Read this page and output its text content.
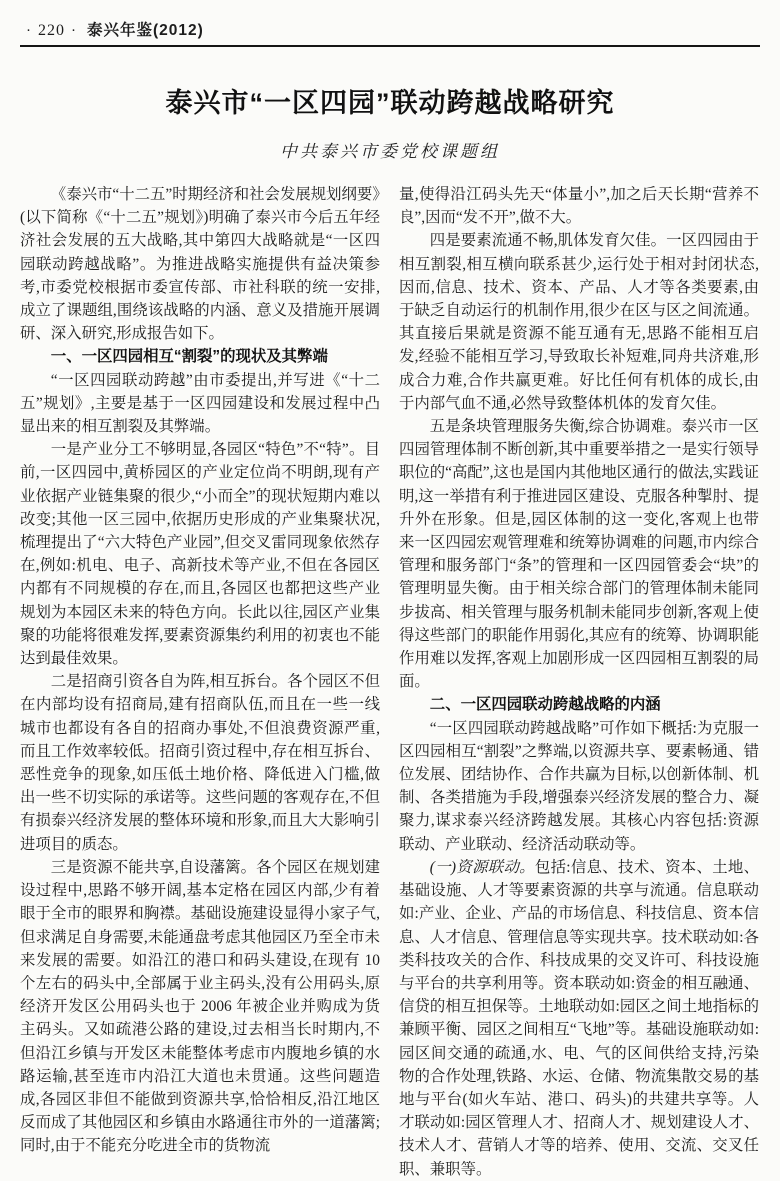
· 220 · 泰兴年鉴(2012)
泰兴市“一区四园”联动跨越战略研究
中共泰兴市委党校课题组

《泰兴市“十二五”时期经济和社会发展规划纲要》(以下简称《“十二五”规划》)明确了泰兴市今后五年经济社会发展的五大战略,其中第四大战略就是“一区四园联动跨越战略”。为推进战略实施提供有益决策参考,市委党校根据市委宣传部、市社科联的统一安排,成立了课题组,围绕该战略的内涵、意义及措施开展调研、深入研究,形成报告如下。

一、一区四园相互“割裂”的现状及其弊端

“一区四园联动跨越”由市委提出,并写进《“十二五”规划》,主要是基于一区四园建设和发展过程中凸显出来的相互割裂及其弊端。

一是产业分工不够明显,各园区“特色”不“特”。目前,一区四园中,黄桥园区的产业定位尚不明朗,现有产业依据产业链集聚的很少,“小而全”的现状短期内难以改变;其他一区三园中,依据历史形成的产业集聚状况,梳理提出了“六大特色产业园”,但交叉雷同现象依然存在,例如:机电、电子、高新技术等产业,不但在各园区内都有不同规模的存在,而且,各园区也都把这些产业规划为本园区未来的特色方向。长此以往,园区产业集聚的功能将很难发挥,要素资源集约利用的初衷也不能达到最佳效果。

二是招商引资各自为阵,相互拆台。各个园区不但在内部均设有招商局,建有招商队伍,而且在一些一线城市也都设有各自的招商办事处,不但浪费资源严重,而且工作效率较低。招商引资过程中,存在相互拆台、恶性竞争的现象,如压低土地价格、降低进入门槛,做出一些不切实际的承诺等。这些问题的客观存在,不但有损泰兴经济发展的整体环境和形象,而且大大影响引进项目的质态。

三是资源不能共享,自设藩篱。各个园区在规划建设过程中,思路不够开阔,基本定格在园区内部,少有着眼于全市的眼界和胸襟。基础设施建设显得小家子气,但求满足自身需要,未能通盘考虑其他园区乃至全市未来发展的需要。如沿江的港口和码头建设,在现有 10 个左右的码头中,全部属于业主码头,没有公用码头,原经济开发区公用码头也于 2006 年被企业并购成为货主码头。又如疏港公路的建设,过去相当长时期内,不但沿江乡镇与开发区未能整体考虑市内腹地乡镇的水路运输,甚至连市内沿江大道也未贯通。这些问题造成,各园区非但不能做到资源共享,恰恰相反,沿江地区反而成了其他园区和乡镇由水路通往市外的一道藩篱;同时,由于不能充分吃进全市的货物流

量,使得沿江码头先天“体量小”,加之后天长期“营养不良”,因而“发不开”,做不大。

四是要素流通不畅,肌体发育欠佳。一区四园由于相互割裂,相互横向联系甚少,运行处于相对封闭状态,因而,信息、技术、资本、产品、人才等各类要素,由于缺乏自动运行的机制作用,很少在区与区之间流通。其直接后果就是资源不能互通有无,思路不能相互启发,经验不能相互学习,导致取长补短难,同舟共济难,形成合力难,合作共赢更难。好比任何有机体的成长,由于内部气血不通,必然导致整体机体的发育欠佳。

五是条块管理服务失衡,综合协调难。泰兴市一区四园管理体制不断创新,其中重要举措之一是实行领导职位的“高配”,这也是国内其他地区通行的做法,实践证明,这一举措有利于推进园区建设、克服各种掣肘、提升外在形象。但是,园区体制的这一变化,客观上也带来一区四园宏观管理难和统筹协调难的问题,市内综合管理和服务部门“条”的管理和一区四园管委会“块”的管理明显失衡。由于相关综合部门的管理体制未能同步拔高、相关管理与服务机制未能同步创新,客观上使得这些部门的职能作用弱化,其应有的统筹、协调职能作用难以发挥,客观上加剧形成一区四园相互割裂的局面。

二、一区四园联动跨越战略的内涵

“一区四园联动跨越战略”可作如下概括:为克服一区四园相互“割裂”之弊端,以资源共享、要素畅通、错位发展、团结协作、合作共赢为目标,以创新体制、机制、各类措施为手段,增强泰兴经济发展的整合力、凝聚力,谋求泰兴经济跨越发展。其核心内容包括:资源联动、产业联动、经济活动联动等。

(一)资源联动。包括:信息、技术、资本、土地、基础设施、人才等要素资源的共享与流通。信息联动如:产业、企业、产品的市场信息、科技信息、资本信息、人才信息、管理信息等实现共享。技术联动如:各类科技攻关的合作、科技成果的交叉许可、科技设施与平台的共享利用等。资本联动如:资金的相互融通、信贷的相互担保等。土地联动如:园区之间土地指标的兼顾平衡、园区之间相互“飞地”等。基础设施联动如:园区间交通的疏通,水、电、气的区间供给支持,污染物的合作处理,铁路、水运、仓储、物流集散交易的基地与平台(如火车站、港口、码头)的共建共享等。人才联动如:园区管理人才、招商人才、规划建设人才、技术人才、营销人才等的培养、使用、交流、交叉任职、兼职等。
